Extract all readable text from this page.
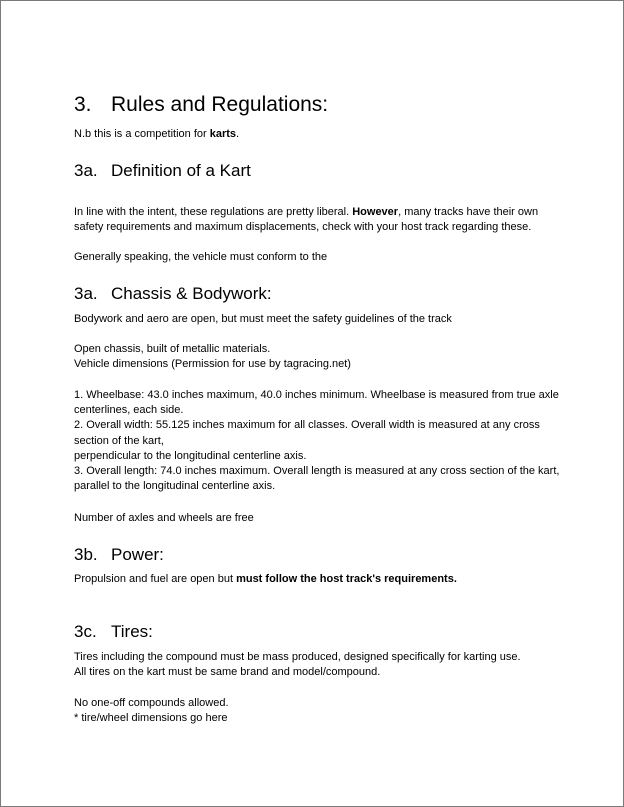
3. Rules and Regulations:

N.b this is a competition for karts.

3a. Definition of a Kart

In line with the intent, these regulations are pretty liberal. However, many tracks have their own safety requirements and maximum displacements, check with your host track regarding these.

Generally speaking, the vehicle must conform to the

3a. Chassis & Bodywork:

Bodywork and aero are open, but must meet the safety guidelines of the track

Open chassis, built of metallic materials.
Vehicle dimensions (Permission for use by tagracing.net)

1. Wheelbase: 43.0 inches maximum, 40.0 inches minimum. Wheelbase is measured from true axle centerlines, each side.
2. Overall width: 55.125 inches maximum for all classes. Overall width is measured at any cross section of the kart,
perpendicular to the longitudinal centerline axis.
3. Overall length: 74.0 inches maximum. Overall length is measured at any cross section of the kart, parallel to the longitudinal centerline axis.

Number of axles and wheels are free

3b. Power:

Propulsion and fuel are open but must follow the host track's requirements.

3c. Tires:

Tires including the compound must be mass produced, designed specifically for karting use.
All tires on the kart must be same brand and model/compound.

No one-off compounds allowed.
* tire/wheel dimensions go here
